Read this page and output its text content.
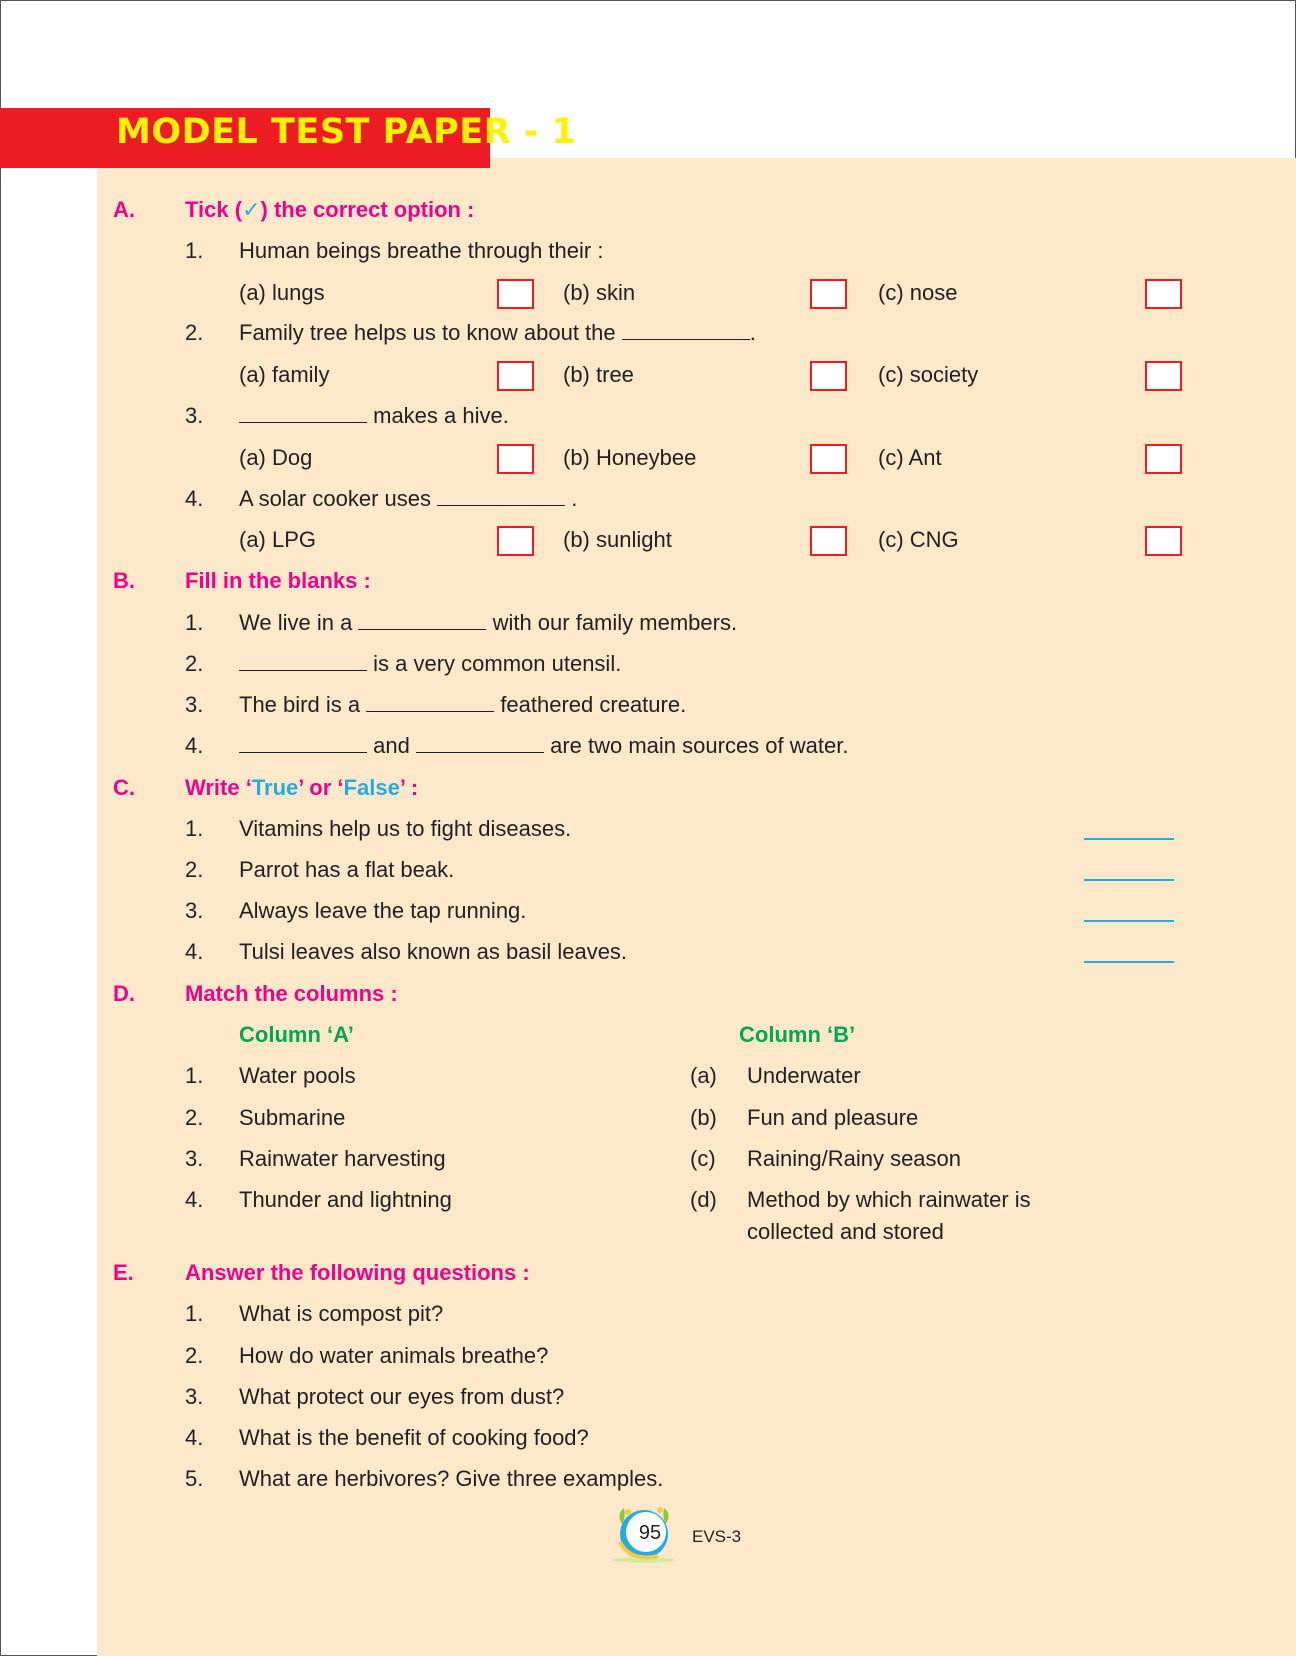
MODEL TEST PAPER - 1
A. Tick (✓) the correct option :
1. Human beings breathe through their :
(a) lungs	(b) skin	(c) nose
2. Family tree helps us to know about the	.
(a) family	(b) tree	(c) society
3.	makes a hive.
(a) Dog	(b) Honeybee	(c) Ant
4. A solar cooker uses	.
(a) LPG	(b) sunlight	(c) CNG
B. Fill in the blanks :
1. We live in a	with our family members.
2.	is a very common utensil.
3. The bird is a	feathered creature.
4.	and	are two main sources of water.
C. Write ‘True’ or ‘False’ :
1. Vitamins help us to fight diseases.
2. Parrot has a flat beak.
3. Always leave the tap running.
4. Tulsi leaves also known as basil leaves.
D. Match the columns :
Column ‘A’	Column ‘B’
1. Water pools	(a) Underwater
2. Submarine	(b) Fun and pleasure
3. Rainwater harvesting	(c) Raining/Rainy season
4. Thunder and lightning	(d) Method by which rainwater is
collected and stored
E. Answer the following questions :
1. What is compost pit?
2. How do water animals breathe?
3. What protect our eyes from dust?
4. What is the benefit of cooking food?
5. What are herbivores? Give three examples.
95	EVS-3
